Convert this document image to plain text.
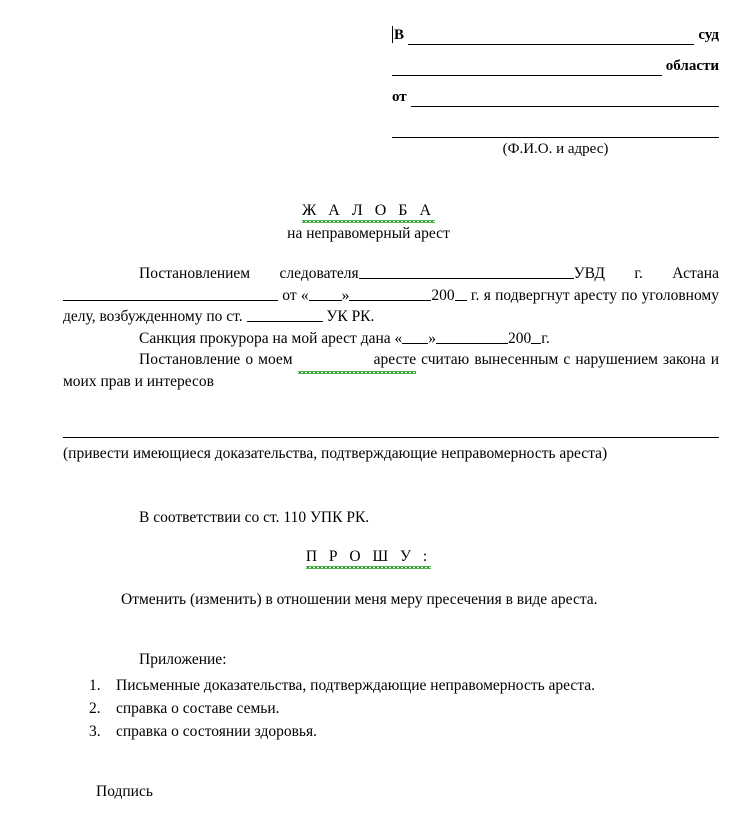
В	суд
области
от
(Ф.И.О. и адрес)
Ж А Л О Б А
на неправомерный арест

Постановлением следователя	УВД г. Астана от « »	200 г. я подвергнут аресту по уголовному делу, возбужденному по ст.	УК РК.

Санкция прокурора на мой арест дана « »	200 г.

Постановление о моем	аресте считаю вынесенным с нарушением закона и моих прав и интересов

(привести имеющиеся доказательства, подтверждающие неправомерность ареста)
В соответствии со ст. 110 УПК РК.
П Р О Ш У :
Отменить (изменить) в отношении меня меру пресечения в виде ареста.
Приложение:
1. Письменные доказательства, подтверждающие неправомерность ареста.
2. справка о составе семьи.
3. справка о состоянии здоровья.
Подпись
